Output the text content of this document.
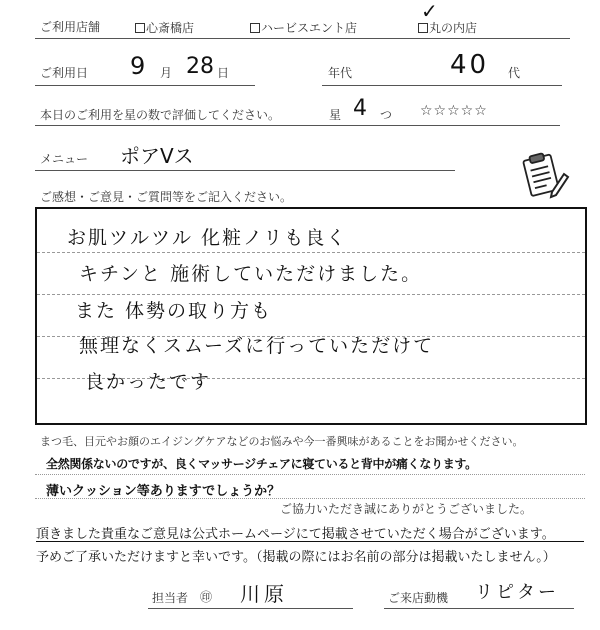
ご利用店舗	心斎橋店	ハービスエント店	丸の内店
✓
ご利用日 9 月 28 日	年代	40 代
本日のご利用を星の数で評価してください。	星 4 つ ☆☆☆☆☆
メニュー ポアVス
ご感想・ご意見・ご質問等をご記入ください。
お肌ツルツル 化粧ノリも良く
キチンと 施術していただけました。
また 体勢の取り方も
無理なくスムーズに行っていただけて
良かったです
まつ毛、目元やお顔のエイジングケアなどのお悩みや今一番興味があることをお聞かせください。
全然関係ないのですが、良くマッサージチェアに寝ていると背中が痛くなります。
薄いクッション等ありますでしょうか？
ご協力いただき誠にありがとうございました。
頂きました貴重なご意見は公式ホームページにて掲載させていただく場合がございます。
予めご了承いただけますと幸いです。（掲載の際にはお名前の部分は掲載いたしません。）
担当者 ㊞ 川原	ご来店動機 リピター
